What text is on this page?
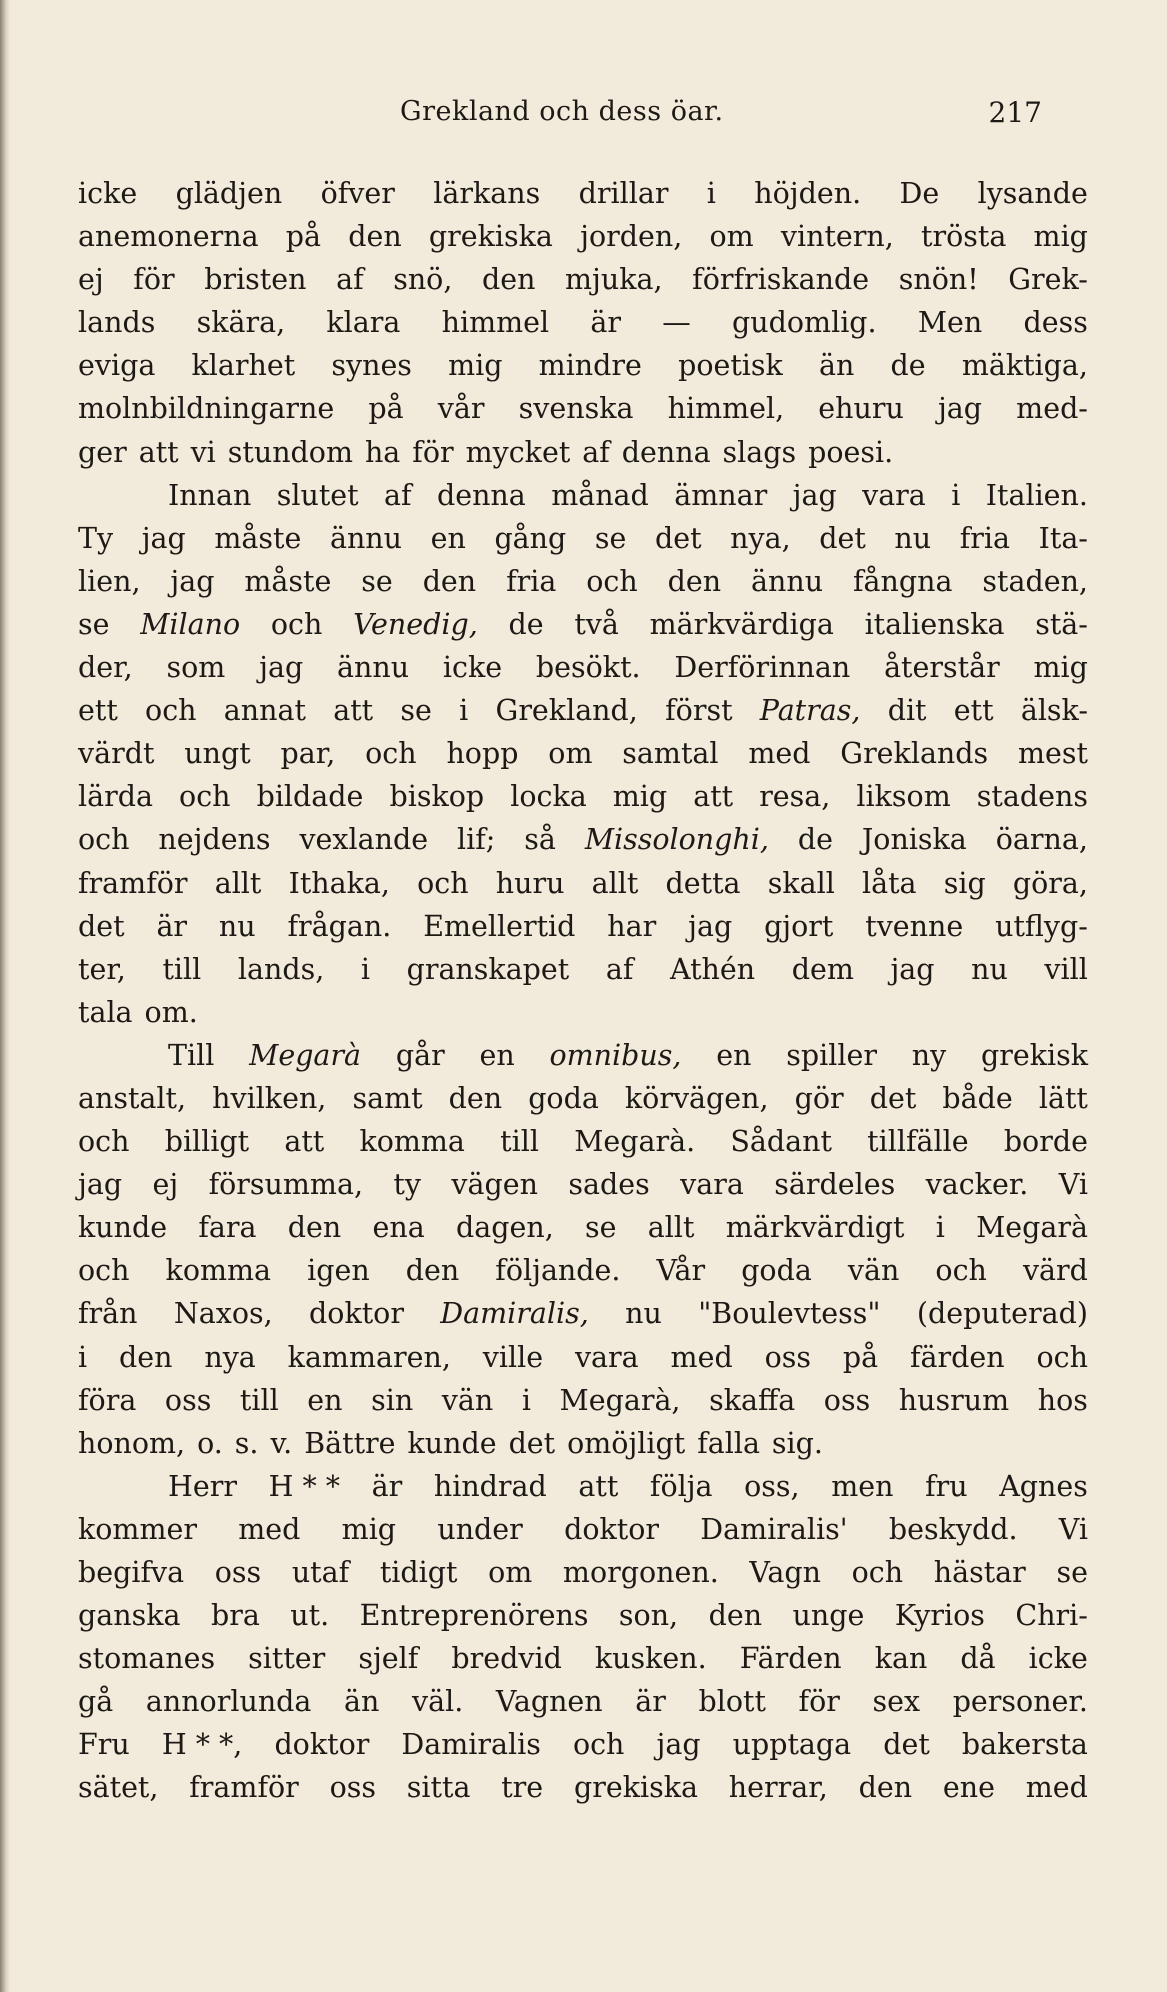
Grekland och dess öar.	217
icke glädjen öfver lärkans drillar i höjden. De lysande
anemonerna på den grekiska jorden, om vintern, trösta mig
ej för bristen af snö, den mjuka, förfriskande snön! Grek-
lands skära, klara himmel är — gudomlig. Men dess
eviga klarhet synes mig mindre poetisk än de mäktiga,
molnbildningarne på vår svenska himmel, ehuru jag med-
ger att vi stundom ha för mycket af denna slags poesi.
Innan slutet af denna månad ämnar jag vara i Italien.
Ty jag måste ännu en gång se det nya, det nu fria Ita-
lien, jag måste se den fria och den ännu fångna staden,
se Milano och Venedig, de två märkvärdiga italienska stä-
der, som jag ännu icke besökt. Derförinnan återstår mig
ett och annat att se i Grekland, först Patras, dit ett älsk-
värdt ungt par, och hopp om samtal med Greklands mest
lärda och bildade biskop locka mig att resa, liksom stadens
och nejdens vexlande lif; så Missolonghi, de Joniska öarna,
framför allt Ithaka, och huru allt detta skall låta sig göra,
det är nu frågan. Emellertid har jag gjort tvenne utflyg-
ter, till lands, i granskapet af Athén dem jag nu vill
tala om.
Till Megarà går en omnibus, en spiller ny grekisk
anstalt, hvilken, samt den goda körvägen, gör det både lätt
och billigt att komma till Megarà. Sådant tillfälle borde
jag ej försumma, ty vägen sades vara särdeles vacker. Vi
kunde fara den ena dagen, se allt märkvärdigt i Megarà
och komma igen den följande. Vår goda vän och värd
från Naxos, doktor Damiralis, nu "Boulevtess" (deputerad)
i den nya kammaren, ville vara med oss på färden och
föra oss till en sin vän i Megarà, skaffa oss husrum hos
honom, o. s. v. Bättre kunde det omöjligt falla sig.
Herr H * * är hindrad att följa oss, men fru Agnes
kommer med mig under doktor Damiralis' beskydd. Vi
begifva oss utaf tidigt om morgonen. Vagn och hästar se
ganska bra ut. Entreprenörens son, den unge Kyrios Chri-
stomanes sitter sjelf bredvid kusken. Färden kan då icke
gå annorlunda än väl. Vagnen är blott för sex personer.
Fru H * *, doktor Damiralis och jag upptaga det bakersta
sätet, framför oss sitta tre grekiska herrar, den ene med
